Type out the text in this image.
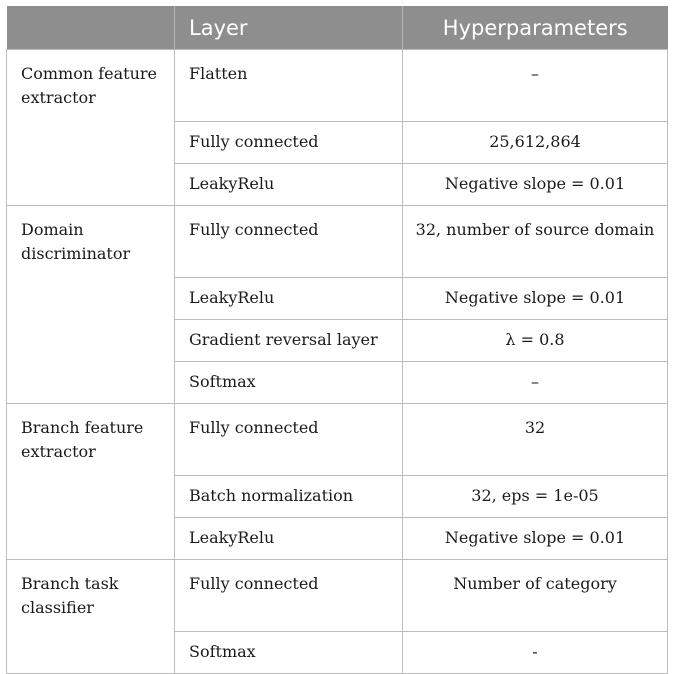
	Layer	Hyperparameters
Common feature extractor	Flatten	–
	Fully connected	25,612,864
	LeakyRelu	Negative slope = 0.01
Domain discriminator	Fully connected	32, number of source domain
	LeakyRelu	Negative slope = 0.01
	Gradient reversal layer	λ = 0.8
	Softmax	–
Branch feature extractor	Fully connected	32
	Batch normalization	32, eps = 1e-05
	LeakyRelu	Negative slope = 0.01
Branch task classifier	Fully connected	Number of category
	Softmax	-
